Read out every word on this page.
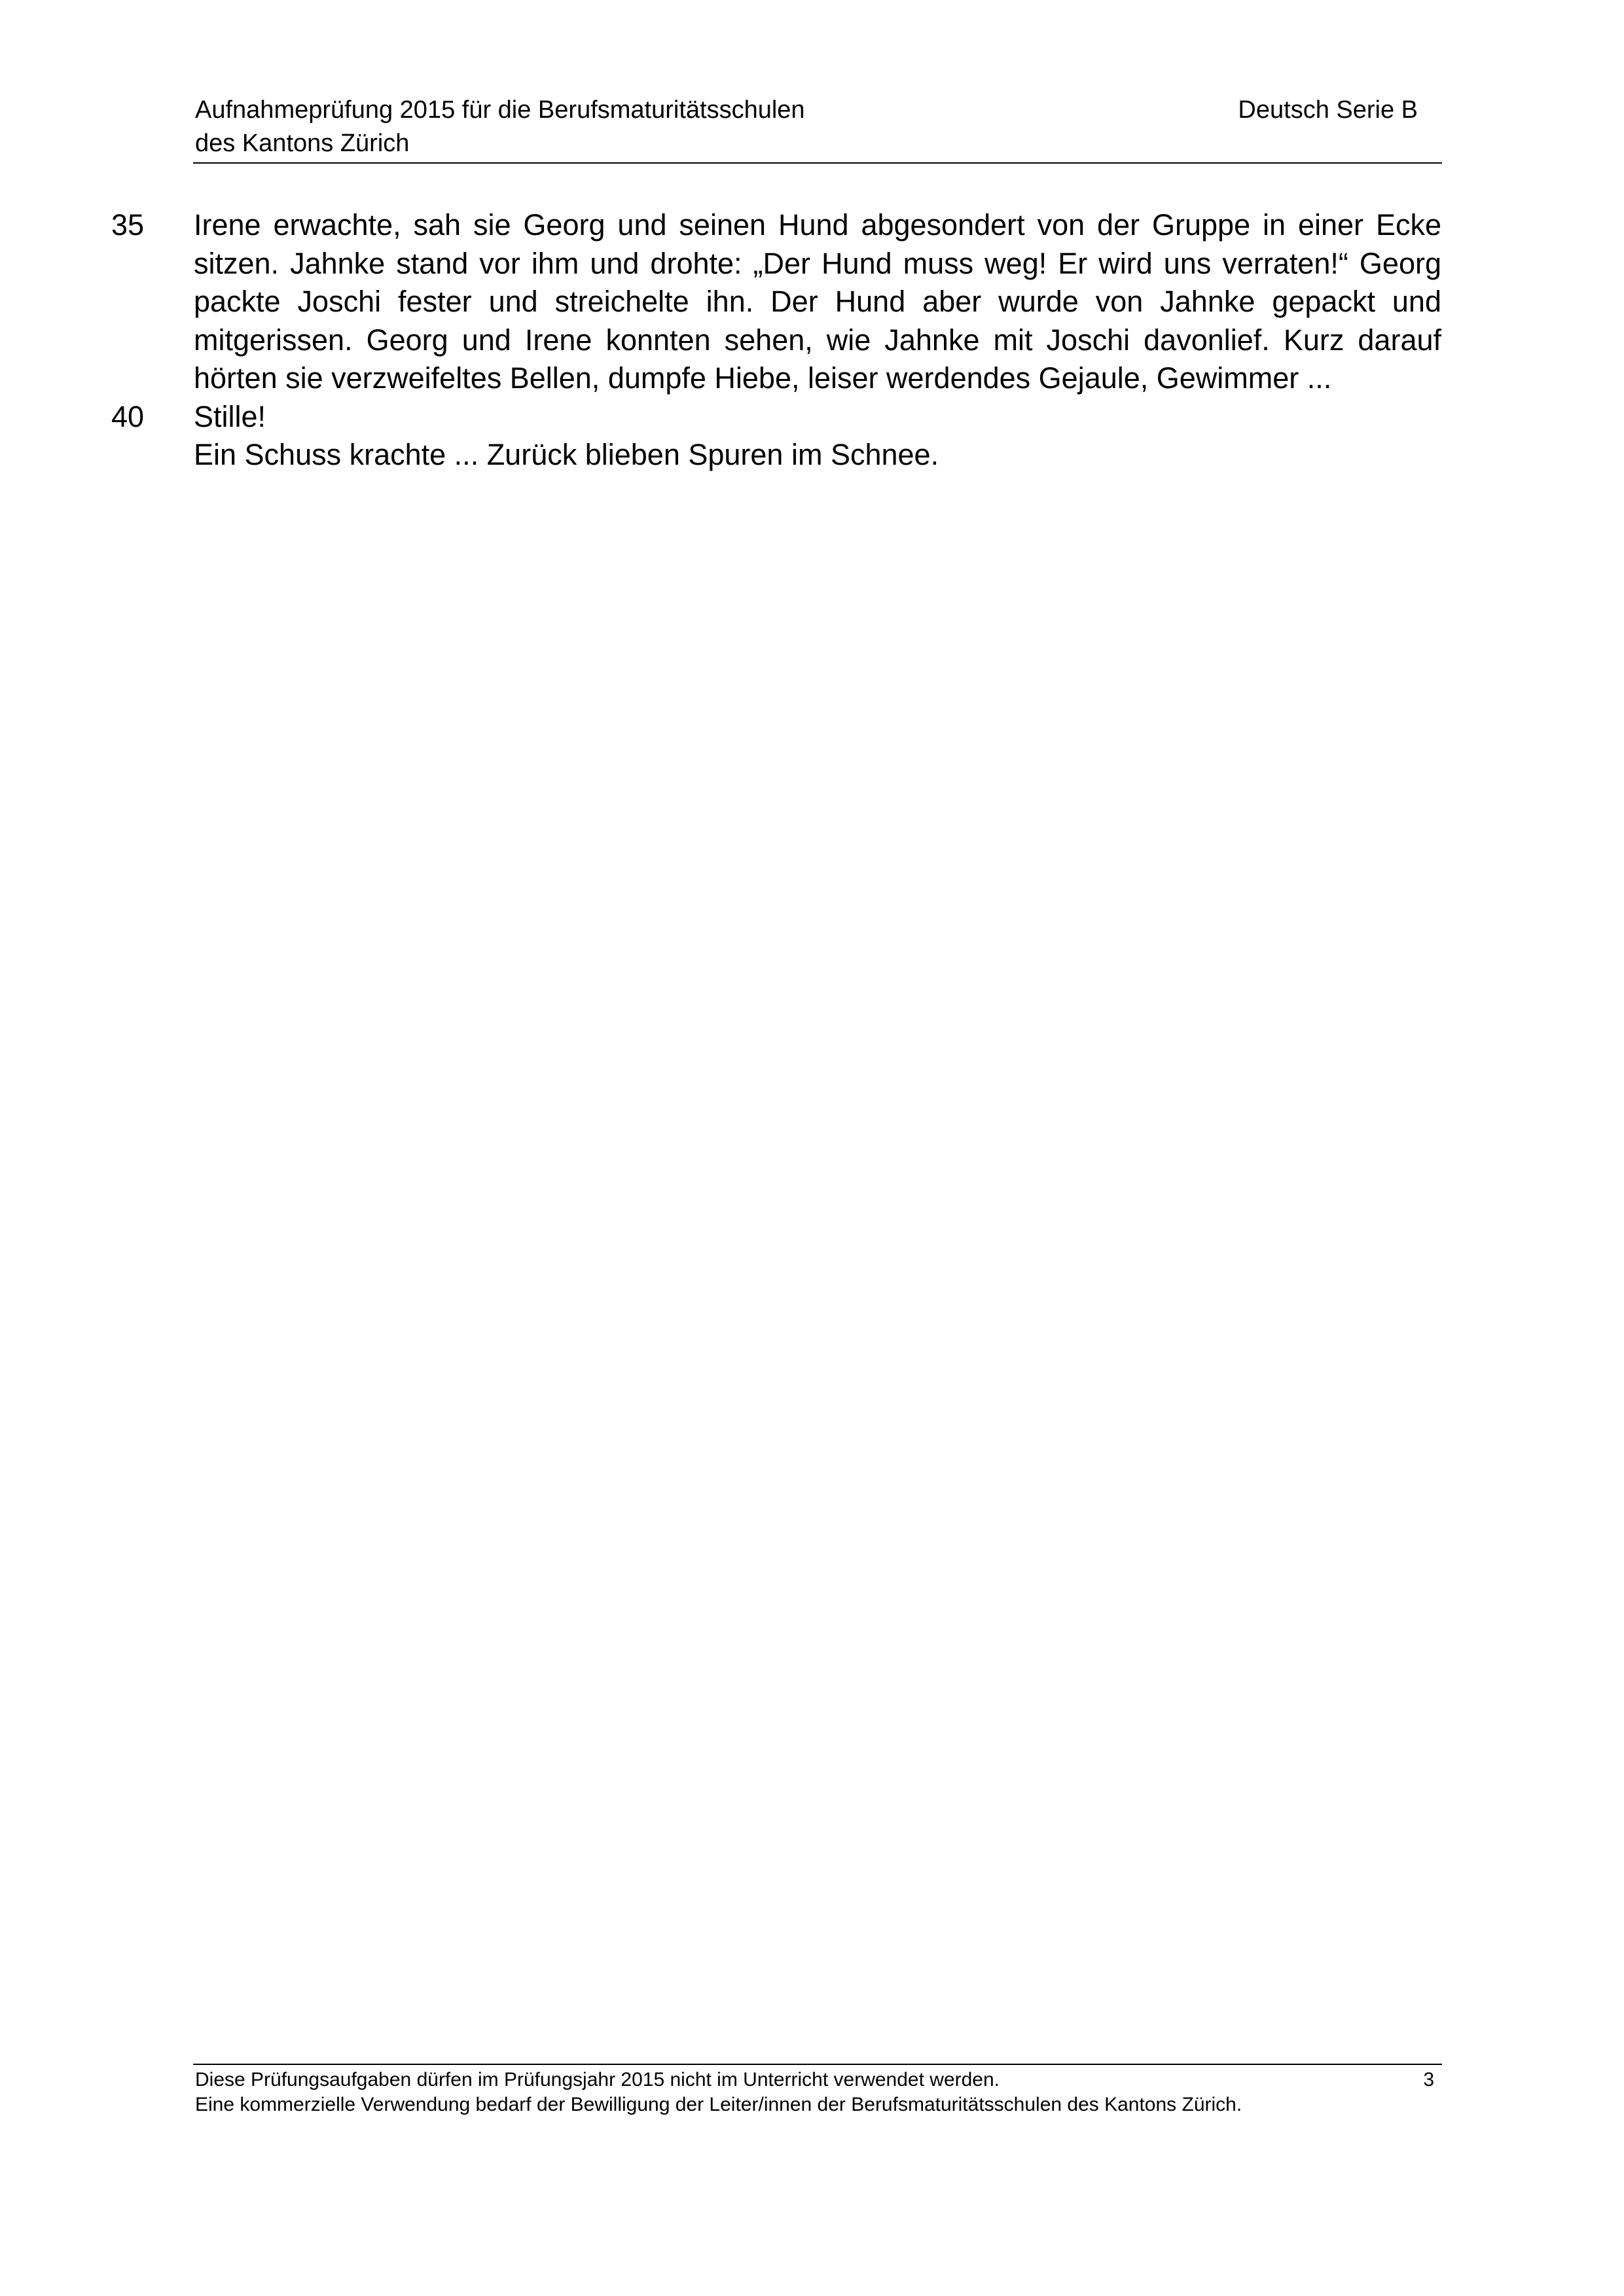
Aufnahmeprüfung 2015 für die Berufsmaturitätsschulen
des Kantons Zürich
Deutsch Serie B
35
40

Irene erwachte, sah sie Georg und seinen Hund abgesondert von der Gruppe in einer Ecke sitzen. Jahnke stand vor ihm und drohte: „Der Hund muss weg! Er wird uns verraten!“ Georg packte Joschi fester und streichelte ihn. Der Hund aber wurde von Jahnke gepackt und mitgerissen. Georg und Irene konnten sehen, wie Jahnke mit Joschi davonlief. Kurz darauf hörten sie verzweifeltes Bellen, dumpfe Hiebe, leiser werdendes Gejaule, Gewimmer ...

Stille!

Ein Schuss krachte ... Zurück blieben Spuren im Schnee.

Diese Prüfungsaufgaben dürfen im Prüfungsjahr 2015 nicht im Unterricht verwendet werden.

Eine kommerzielle Verwendung bedarf der Bewilligung der Leiter/innen der Berufsmaturitätsschulen des Kantons Zürich.

3
